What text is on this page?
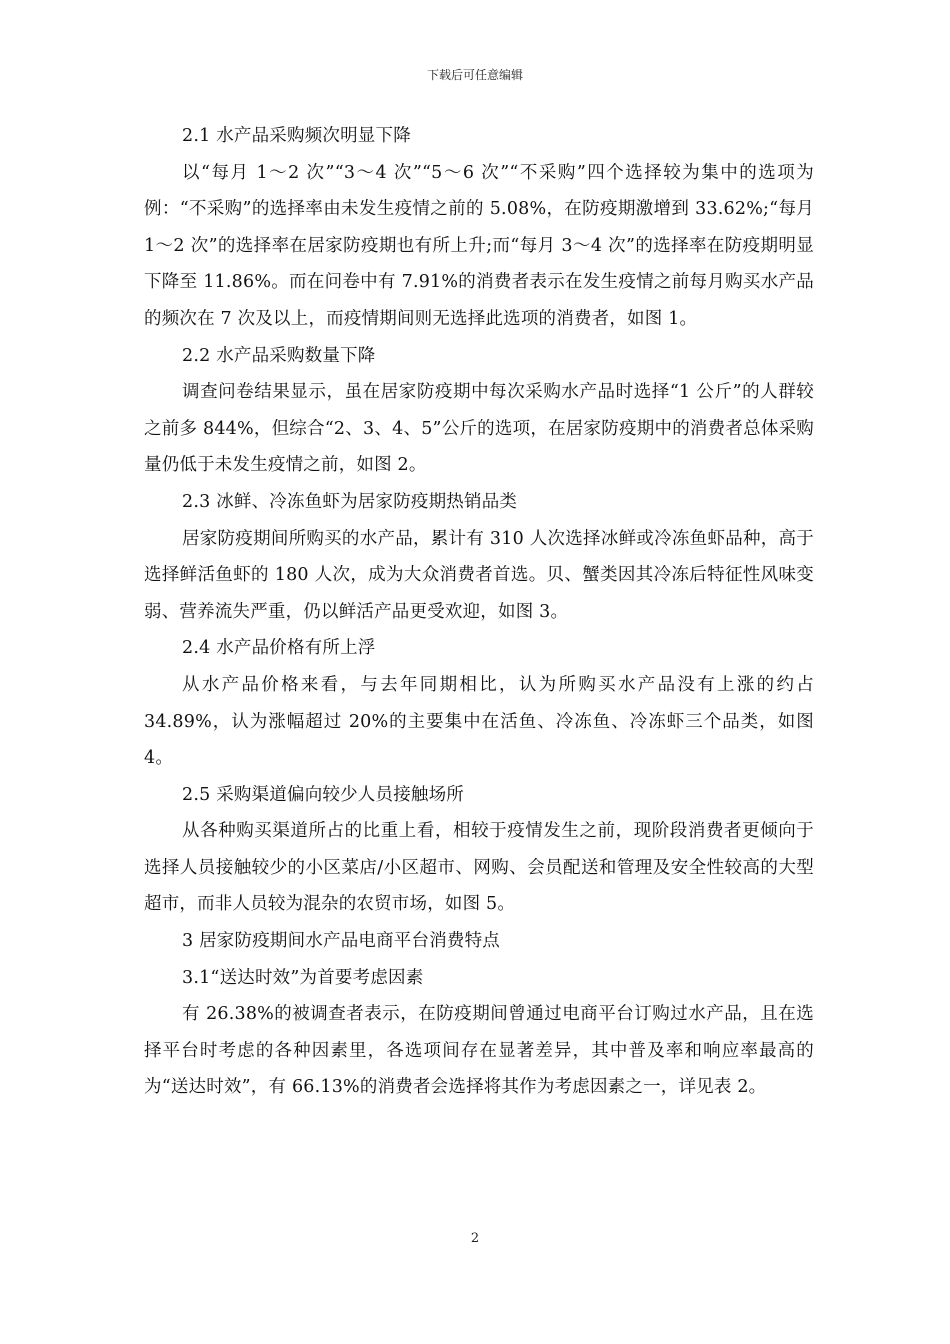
下载后可任意编辑

2.1 水产品采购频次明显下降

以“每月 1～2 次”“3～4 次”“5～6 次”“不采购”四个选择较为集中的选项为例：“不采购”的选择率由未发生疫情之前的 5.08%，在防疫期激增到 33.62%;“每月 1～2 次”的选择率在居家防疫期也有所上升;而“每月 3～4 次”的选择率在防疫期明显下降至 11.86%。而在问卷中有 7.91%的消费者表示在发生疫情之前每月购买水产品的频次在 7 次及以上，而疫情期间则无选择此选项的消费者，如图 1。

2.2 水产品采购数量下降

调查问卷结果显示，虽在居家防疫期中每次采购水产品时选择“1 公斤”的人群较之前多 844%，但综合“2、3、4、5”公斤的选项，在居家防疫期中的消费者总体采购量仍低于未发生疫情之前，如图 2。

2.3 冰鲜、冷冻鱼虾为居家防疫期热销品类

居家防疫期间所购买的水产品，累计有 310 人次选择冰鲜或冷冻鱼虾品种，高于选择鲜活鱼虾的 180 人次，成为大众消费者首选。贝、蟹类因其冷冻后特征性风味变弱、营养流失严重，仍以鲜活产品更受欢迎，如图 3。

2.4 水产品价格有所上浮

从水产品价格来看，与去年同期相比，认为所购买水产品没有上涨的约占 34.89%，认为涨幅超过 20%的主要集中在活鱼、冷冻鱼、冷冻虾三个品类，如图 4。

2.5 采购渠道偏向较少人员接触场所

从各种购买渠道所占的比重上看，相较于疫情发生之前，现阶段消费者更倾向于选择人员接触较少的小区菜店/小区超市、网购、会员配送和管理及安全性较高的大型超市，而非人员较为混杂的农贸市场，如图 5。

3 居家防疫期间水产品电商平台消费特点

3.1“送达时效”为首要考虑因素

有 26.38%的被调查者表示，在防疫期间曾通过电商平台订购过水产品，且在选择平台时考虑的各种因素里，各选项间存在显著差异，其中普及率和响应率最高的为“送达时效”，有 66.13%的消费者会选择将其作为考虑因素之一，详见表 2。

2
